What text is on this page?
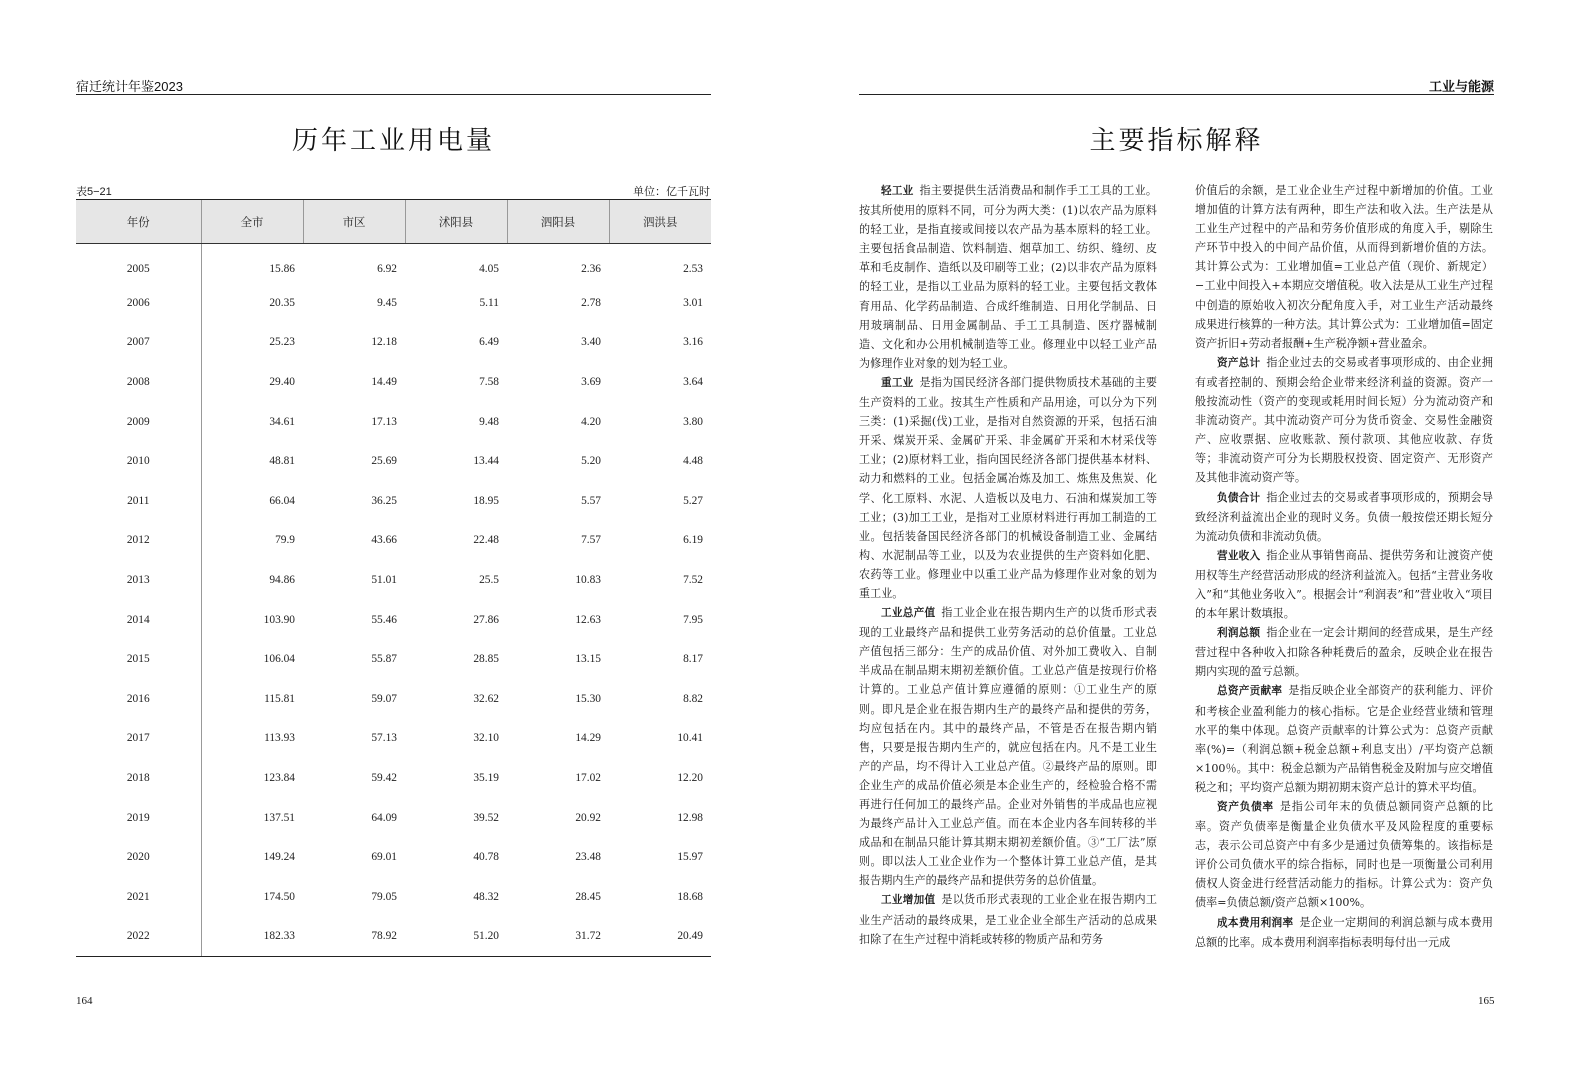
宿迁统计年鉴2023
历年工业用电量
表5−21	单位：亿千瓦时
年份	全市	市区	沭阳县	泗阳县	泗洪县
2005	15.86	6.92	4.05	2.36	2.53
2006	20.35	9.45	5.11	2.78	3.01
2007	25.23	12.18	6.49	3.40	3.16
2008	29.40	14.49	7.58	3.69	3.64
2009	34.61	17.13	9.48	4.20	3.80
2010	48.81	25.69	13.44	5.20	4.48
2011	66.04	36.25	18.95	5.57	5.27
2012	79.9	43.66	22.48	7.57	6.19
2013	94.86	51.01	25.5	10.83	7.52
2014	103.90	55.46	27.86	12.63	7.95
2015	106.04	55.87	28.85	13.15	8.17
2016	115.81	59.07	32.62	15.30	8.82
2017	113.93	57.13	32.10	14.29	10.41
2018	123.84	59.42	35.19	17.02	12.20
2019	137.51	64.09	39.52	20.92	12.98
2020	149.24	69.01	40.78	23.48	15.97
2021	174.50	79.05	48.32	28.45	18.68
2022	182.33	78.92	51.20	31.72	20.49
164
工业与能源
主要指标解释

轻工业 指主要提供生活消费品和制作手工工具的工业。按其所使用的原料不同，可分为两大类：(1)以农产品为原料的轻工业，是指直接或间接以农产品为基本原料的轻工业。主要包括食品制造、饮料制造、烟草加工、纺织、缝纫、皮革和毛皮制作、造纸以及印刷等工业；(2)以非农产品为原料的轻工业，是指以工业品为原料的轻工业。主要包括文教体育用品、化学药品制造、合成纤维制造、日用化学制品、日用玻璃制品、日用金属制品、手工工具制造、医疗器械制造、文化和办公用机械制造等工业。修理业中以轻工业产品为修理作业对象的划为轻工业。

重工业 是指为国民经济各部门提供物质技术基础的主要生产资料的工业。按其生产性质和产品用途，可以分为下列三类：(1)采掘(伐)工业，是指对自然资源的开采，包括石油开采、煤炭开采、金属矿开采、非金属矿开采和木材采伐等工业；(2)原材料工业，指向国民经济各部门提供基本材料、动力和燃料的工业。包括金属冶炼及加工、炼焦及焦炭、化学、化工原料、水泥、人造板以及电力、石油和煤炭加工等工业；(3)加工工业，是指对工业原材料进行再加工制造的工业。包括装备国民经济各部门的机械设备制造工业、金属结构、水泥制品等工业，以及为农业提供的生产资料如化肥、农药等工业。修理业中以重工业产品为修理作业对象的划为重工业。

工业总产值 指工业企业在报告期内生产的以货币形式表现的工业最终产品和提供工业劳务活动的总价值量。工业总产值包括三部分：生产的成品价值、对外加工费收入、自制半成品在制品期末期初差额价值。工业总产值是按现行价格计算的。工业总产值计算应遵循的原则：①工业生产的原则。即凡是企业在报告期内生产的最终产品和提供的劳务，均应包括在内。其中的最终产品，不管是否在报告期内销售，只要是报告期内生产的，就应包括在内。凡不是工业生产的产品，均不得计入工业总产值。②最终产品的原则。即企业生产的成品价值必须是本企业生产的，经检验合格不需再进行任何加工的最终产品。企业对外销售的半成品也应视为最终产品计入工业总产值。而在本企业内各车间转移的半成品和在制品只能计算其期末期初差额价值。③“工厂法”原则。即以法人工业企业作为一个整体计算工业总产值，是其报告期内生产的最终产品和提供劳务的总价值量。

工业增加值 是以货币形式表现的工业企业在报告期内工业生产活动的最终成果，是工业企业全部生产活动的总成果扣除了在生产过程中消耗或转移的物质产品和劳务

价值后的余额，是工业企业生产过程中新增加的价值。工业增加值的计算方法有两种，即生产法和收入法。生产法是从工业生产过程中的产品和劳务价值形成的角度入手，剔除生产环节中投入的中间产品价值，从而得到新增价值的方法。其计算公式为：工业增加值=工业总产值（现价、新规定）−工业中间投入+本期应交增值税。收入法是从工业生产过程中创造的原始收入初次分配角度入手，对工业生产活动最终成果进行核算的一种方法。其计算公式为：工业增加值=固定资产折旧+劳动者报酬+生产税净额+营业盈余。

资产总计 指企业过去的交易或者事项形成的、由企业拥有或者控制的、预期会给企业带来经济利益的资源。资产一般按流动性（资产的变现或耗用时间长短）分为流动资产和非流动资产。其中流动资产可分为货币资金、交易性金融资产、应收票据、应收账款、预付款项、其他应收款、存货等；非流动资产可分为长期股权投资、固定资产、无形资产及其他非流动资产等。

负债合计 指企业过去的交易或者事项形成的，预期会导致经济利益流出企业的现时义务。负债一般按偿还期长短分为流动负债和非流动负债。

营业收入 指企业从事销售商品、提供劳务和让渡资产使用权等生产经营活动形成的经济利益流入。包括“主营业务收入”和“其他业务收入”。根据会计“利润表”和”营业收入“项目的本年累计数填报。

利润总额 指企业在一定会计期间的经营成果，是生产经营过程中各种收入扣除各种耗费后的盈余，反映企业在报告期内实现的盈亏总额。

总资产贡献率 是指反映企业全部资产的获利能力、评价和考核企业盈利能力的核心指标。它是企业经营业绩和管理水平的集中体现。总资产贡献率的计算公式为：总资产贡献率(%)=（利润总额+税金总额+利息支出）/平均资产总额×100％。其中：税金总额为产品销售税金及附加与应交增值税之和；平均资产总额为期初期末资产总计的算术平均值。

资产负债率 是指公司年末的负债总额同资产总额的比率。资产负债率是衡量企业负债水平及风险程度的重要标志，表示公司总资产中有多少是通过负债筹集的。该指标是评价公司负债水平的综合指标，同时也是一项衡量公司利用债权人资金进行经营活动能力的指标。计算公式为：资产负债率=负债总额/资产总额×100%。

成本费用利润率 是企业一定期间的利润总额与成本费用总额的比率。成本费用利润率指标表明每付出一元成

165
